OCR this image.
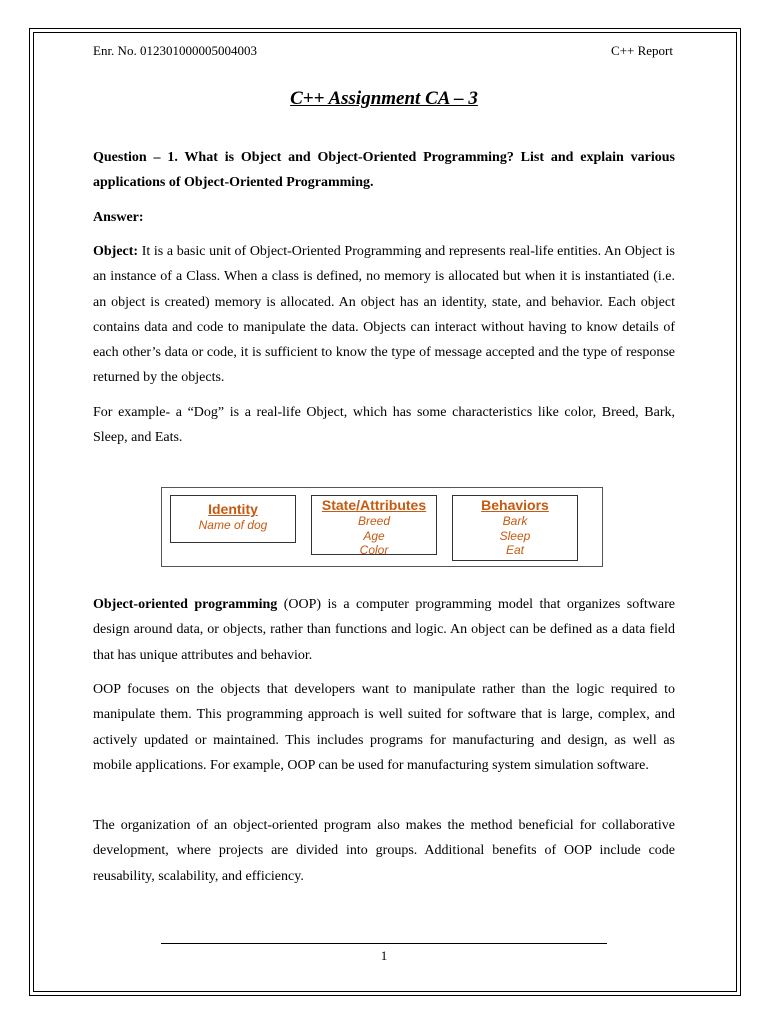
Enr. No. 012301000005004003	C++ Report
C++ Assignment CA – 3

Question – 1. What is Object and Object-Oriented Programming? List and explain various applications of Object-Oriented Programming.

Answer:

Object: It is a basic unit of Object-Oriented Programming and represents real-life entities. An Object is an instance of a Class. When a class is defined, no memory is allocated but when it is instantiated (i.e. an object is created) memory is allocated. An object has an identity, state, and behavior. Each object contains data and code to manipulate the data. Objects can interact without having to know details of each other’s data or code, it is sufficient to know the type of message accepted and the type of response returned by the objects.

For example- a “Dog” is a real-life Object, which has some characteristics like color, Breed, Bark, Sleep, and Eats.

Identity
Name of dog
State/Attributes
Breed
Age
Color
Behaviors
Bark
Sleep
Eat

Object-oriented programming (OOP) is a computer programming model that organizes software design around data, or objects, rather than functions and logic. An object can be defined as a data field that has unique attributes and behavior.

OOP focuses on the objects that developers want to manipulate rather than the logic required to manipulate them. This programming approach is well suited for software that is large, complex, and actively updated or maintained. This includes programs for manufacturing and design, as well as mobile applications. For example, OOP can be used for manufacturing system simulation software.

The organization of an object-oriented program also makes the method beneficial for collaborative development, where projects are divided into groups. Additional benefits of OOP include code reusability, scalability, and efficiency.

1
